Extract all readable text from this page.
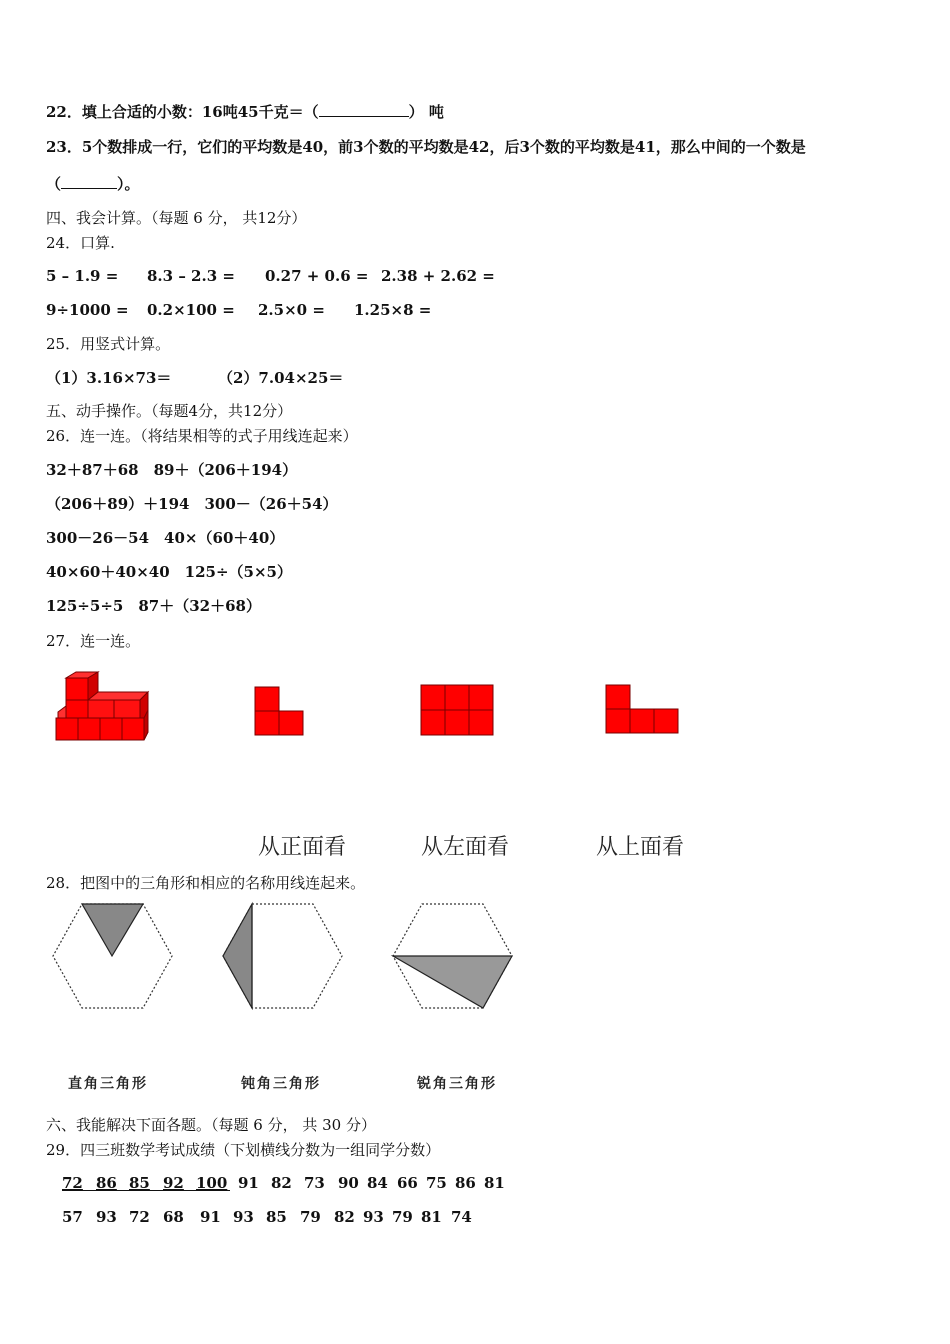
22．填上合适的小数：16吨45千克＝（	） 吨
23．5个数排成一行，它们的平均数是40，前3个数的平均数是42，后3个数的平均数是41，那么中间的一个数是
（	）。
四、我会计算。（每题 6 分， 共12分）
24．口算.
5 – 1.9 = 8.3 – 2.3 = 0.27 + 0.6 = 2.38 + 2.62 =
9÷1000 = 0.2×100 = 2.5×0 = 1.25×8 =
25．用竖式计算。
（1）3.16×73＝	（2）7.04×25＝
五、动手操作。（每题4分，共12分）
26．连一连。（将结果相等的式子用线连起来）
32＋87＋68　89＋（206＋194）
（206＋89）＋194　300－（26＋54）
300－26－54　40×（60＋40）
40×60＋40×40　125÷（5×5）
125÷5÷5　87＋（32＋68）
27．连一连。
从正面看	从左面看	从上面看
28．把图中的三角形和相应的名称用线连起来。
直角三角形	钝角三角形	锐角三角形
六、我能解决下面各题。（每题 6 分， 共 30 分）
29．四三班数学考试成绩（下划横线分数为一组同学分数）
72 86 85 92 100 91 82 73 90 84 66 75 86 81
57 93 72 68 91 93 85 79 82 93 79 81 74
